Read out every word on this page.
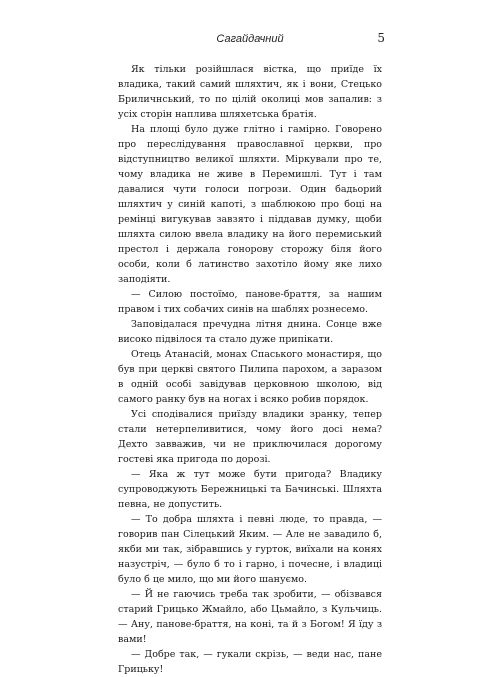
Сагайдачний	5

Як тільки розійшлася вістка, що приїде їх владика, такий самий шляхтич, як і вони, Стецько Бриличнський, то по цілій околиці мов запалив: з усіх сторін наплива шляхетська братія.

На площі було дуже глітно і гамірно. Говорено про переслідування православної церкви, про відступництво великої шляхти. Міркували про те, чому владика не живе в Перемишлі. Тут і там давалися чути голоси погрози. Один бадьорий шляхтич у синій капоті, з шаблюкою про боці на ремінці вигукував завзято і піддавав думку, щоби шляхта силою ввела владику на його перемиський престол і держала гонорову сторожу біля його особи, коли б латинство захотіло йому яке лихо заподіяти.

— Силою постоїмо, панове-браття, за нашим правом і тих собачих синів на шаблях рознесемо.

Заповідалася пречудна літня днина. Сонце вже високо підвілося та стало дуже припікати.

Отець Атанасій, монах Спаського монастиря, що був при церкві святого Пилипа парохом, а заразом в одній особі завідував церковною школою, від самого ранку був на ногах і всяко робив порядок.

Усі сподівалися приїзду владики зранку, тепер стали нетерпеливитися, чому його досі нема? Дехто завважив, чи не приключилася дорогому гостеві яка пригода по дорозі.

— Яка ж тут може бути пригода? Владику супроводжують Бережницькі та Бачинські. Шляхта певна, не допустить.

— То добра шляхта і певні люде, то правда, — говорив пан Сілецький Яким. — Але не завадило б, якби ми так, зібравшись у гурток, виїхали на конях назустріч, — було б то і гарно, і почесне, і владиці було б це мило, що ми його шануємо.

— Й не гаючись треба так зробити, — обізвався старий Грицько Жмайло, або Цьмайло, з Кульчиць. — Ану, панове-браття, на коні, та й з Богом! Я їду з вами!

— Добре так, — гукали скрізь, — веди нас, пане Грицьку!
